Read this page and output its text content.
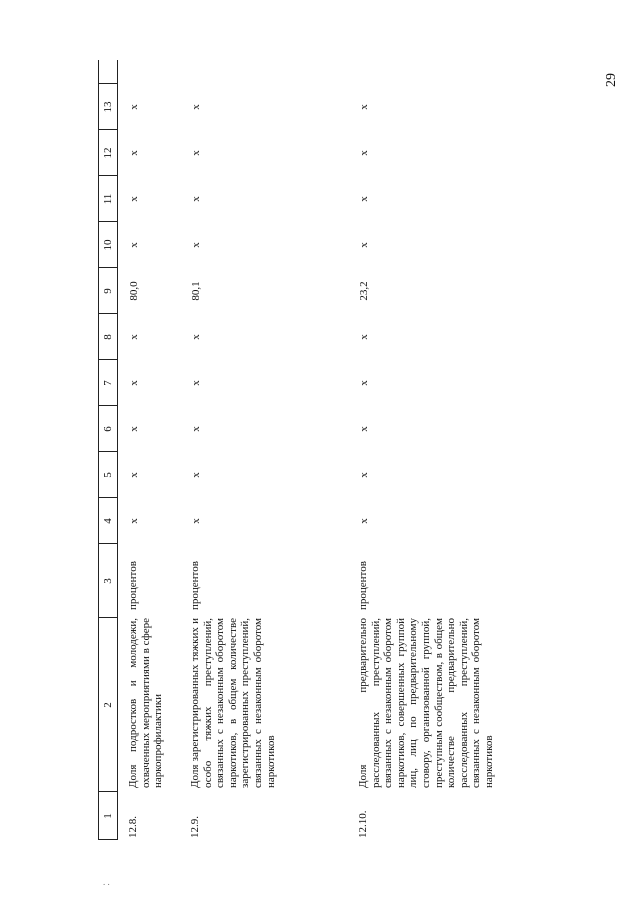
29
. .
1
2
3
4
5
6
7
8
9
10
11
12
13
12.8.
Доля подростков и молодежи, охваченных мероприятиями в сфере наркопрофилактики
процентов
x
x
x
x
x
80,0
x
x
x
x
12.9.
Доля зарегистрированных тяжких и особо тяжких преступлений, связанных с незаконным оборотом наркотиков, в общем количестве зарегистрированных преступлений, связанных с незаконным оборотом наркотиков
процентов
x
x
x
x
x
80,1
x
x
x
x
12.10.
Доля предварительно расследованных преступлений, связанных с незаконным оборотом наркотиков, совершенных группой лиц, лиц по предварительному сговору, организованной группой, преступным сообществом, в общем количестве предварительно расследованных преступлений, связанных с незаконным оборотом наркотиков
процентов
x
x
x
x
x
23,2
x
x
x
x
